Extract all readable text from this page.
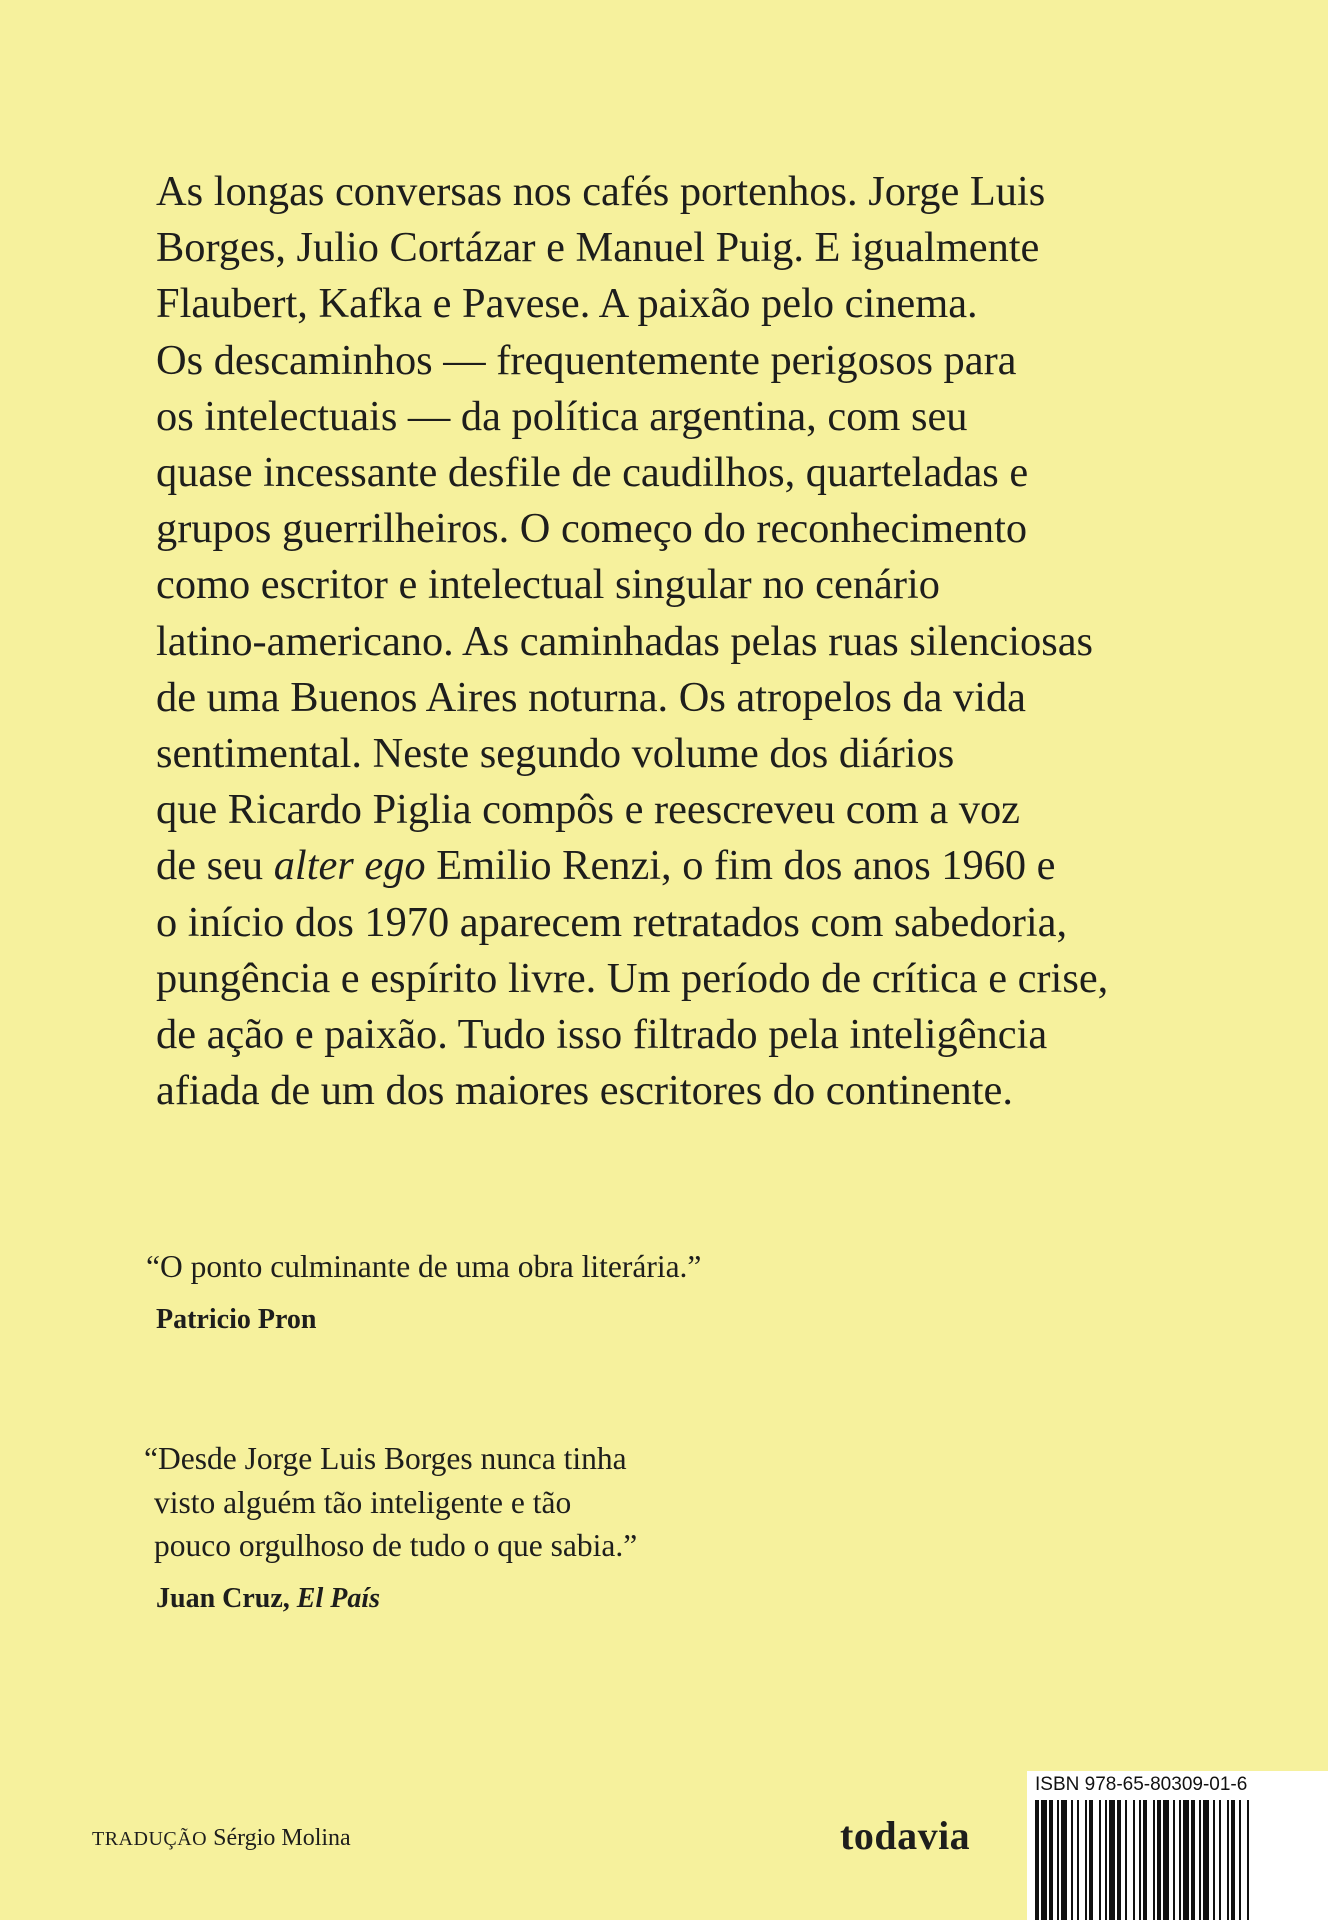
As longas conversas nos cafés portenhos. Jorge Luis
Borges, Julio Cortázar e Manuel Puig. E igualmente
Flaubert, Kafka e Pavese. A paixão pelo cinema.
Os descaminhos — frequentemente perigosos para
os intelectuais — da política argentina, com seu
quase incessante desfile de caudilhos, quarteladas e
grupos guerrilheiros. O começo do reconhecimento
como escritor e intelectual singular no cenário
latino-americano. As caminhadas pelas ruas silenciosas
de uma Buenos Aires noturna. Os atropelos da vida
sentimental. Neste segundo volume dos diários
que Ricardo Piglia compôs e reescreveu com a voz
de seu alter ego Emilio Renzi, o fim dos anos 1960 e
o início dos 1970 aparecem retratados com sabedoria,
pungência e espírito livre. Um período de crítica e crise,
de ação e paixão. Tudo isso filtrado pela inteligência
afiada de um dos maiores escritores do continente.
“O ponto culminante de uma obra literária.”
Patricio Pron
“Desde Jorge Luis Borges nunca tinha
visto alguém tão inteligente e tão
pouco orgulhoso de tudo o que sabia.”
Juan Cruz, El País
TRADUÇÃO Sérgio Molina	todavia
ISBN 978-65-80309-01-6
